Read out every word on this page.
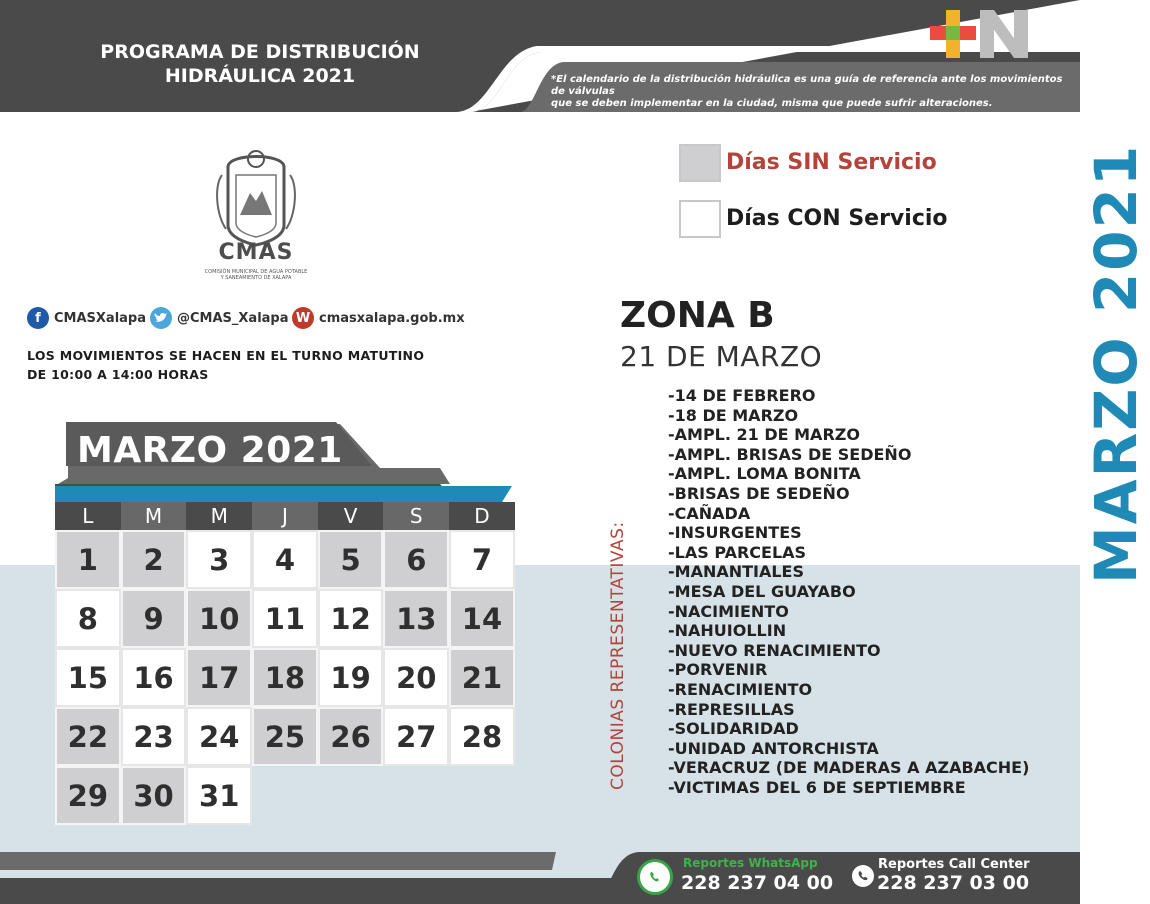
PROGRAMA DE DISTRIBUCIÓN
HIDRÁULICA 2021	*El calendario de la distribución hidráulica es una guía de referencia ante los movimientos de válvulas
que se deben implementar en la ciudad, misma que puede sufrir alteraciones.
CMAS
COMISIÓN MUNICIPAL DE AGUA POTABLE
Y SANEAMIENTO DE XALAPA
f	CMASXalapa @CMAS_Xalapa W cmasxalapa.gob.mx
LOS MOVIMIENTOS SE HACEN EN EL TURNO MATUTINO
DE 10:00 A 14:00 HORAS
MARZO 2021
L	M	M	J	V	S	D
1	2	3	4	5	6	7
8	9	10 11 12 13 14
15 16 17 18 19 20 21
22 23 24 25 26 27 28
29 30 31
Días SIN Servicio
Días CON Servicio
ZONA B
21 DE MARZO
COLONIAS REPRESENTATIVAS:
-14 DE FEBRERO
-18 DE MARZO
-AMPL. 21 DE MARZO
-AMPL. BRISAS DE SEDEÑO
-AMPL. LOMA BONITA
-BRISAS DE SEDEÑO
-CAÑADA
-INSURGENTES
-LAS PARCELAS
-MANANTIALES
-MESA DEL GUAYABO
-NACIMIENTO
-NAHUIOLLIN
-NUEVO RENACIMIENTO
-PORVENIR
-RENACIMIENTO
-REPRESILLAS
-SOLIDARIDAD
-UNIDAD ANTORCHISTA
-VERACRUZ (DE MADERAS A AZABACHE)
-VICTIMAS DEL 6 DE SEPTIEMBRE
MARZO 2021
Reportes WhatsApp
228 237 04 00
Reportes Call Center
228 237 03 00
